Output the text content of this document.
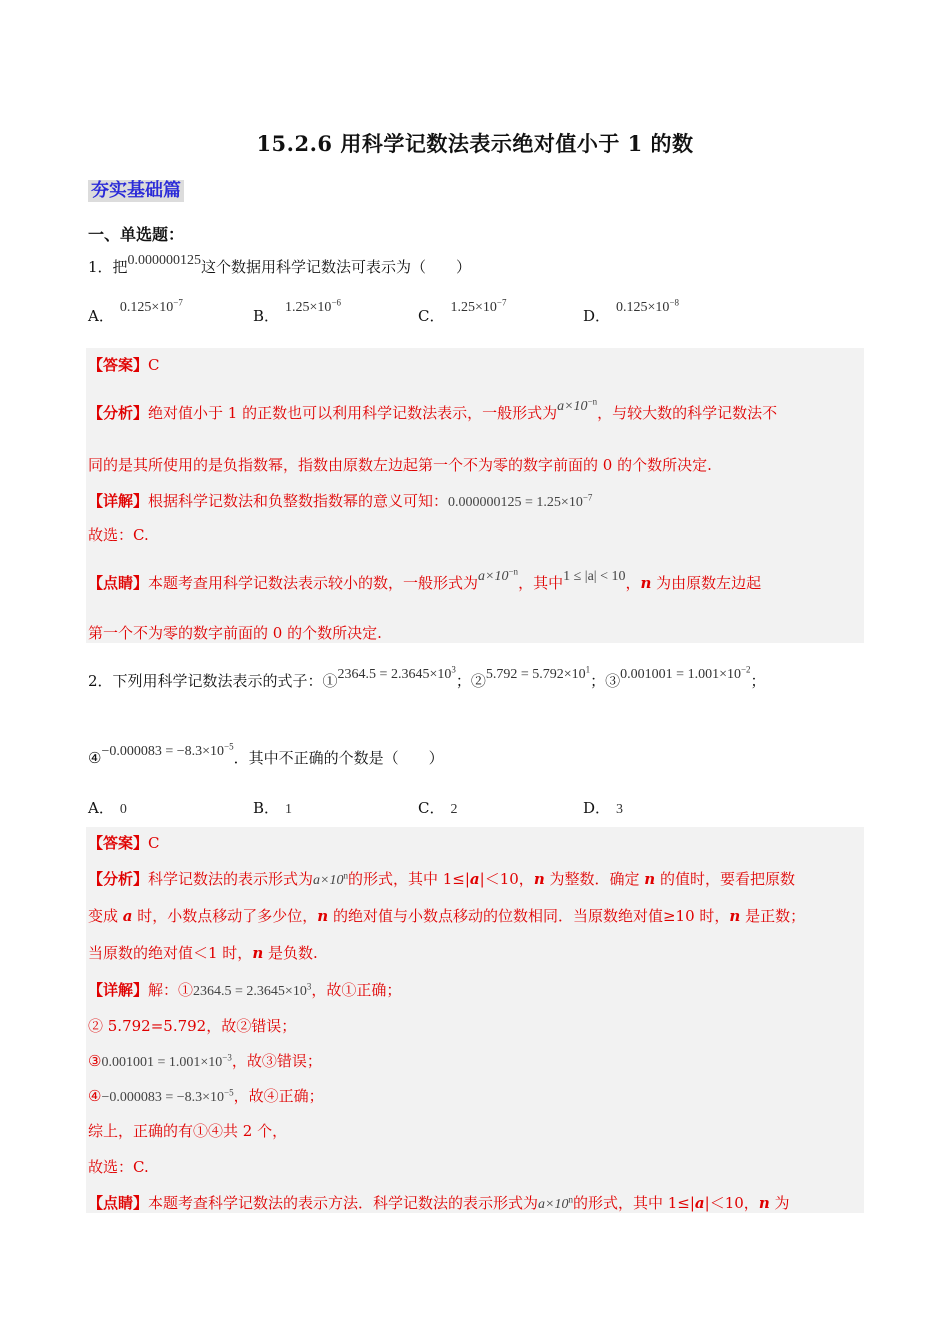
15.2.6 用科学记数法表示绝对值小于 1 的数
夯实基础篇
一、单选题：
1．把0.000000125这个数据用科学记数法可表示为（　　）
A． $0.125\times 10^{-7}$
B． $1.25\times 10^{-6}$
C． $1.25\times 10^{-7}$
D． $0.125\times 10^{-8}$
【答案】C
【分析】绝对值小于 1 的正数也可以利用科学记数法表示，一般形式为$a\times 10^{-n}$，与较大数的科学记数法不
同的是其所使用的是负指数幂，指数由原数左边起第一个不为零的数字前面的 0 的个数所决定.
【详解】根据科学记数法和负整数指数幂的意义可知：$0.000000125 = 1.25\times 10^{-7}$
故选：C.
【点睛】本题考查用科学记数法表示较小的数，一般形式为$a\times 10^{-n}$，其中1 ≤ |a| < 10，n 为由原数左边起
第一个不为零的数字前面的 0 的个数所决定.
2．下列用科学记数法表示的式子：①2364.5 = $2.3645\times 10^3$；②5.792 = $5.792\times 10^1$；③0.001001 = $1.001\times 10^{-2}$；
④−0.000083 = $-8.3\times 10^{-5}$．其中不正确的个数是（　　）
A． 0	B． 1	C． 2	D． 3
【答案】C
【分析】科学记数法的表示形式为$a\times 10^n$的形式，其中 1≤|a|＜10，n 为整数．确定 n 的值时，要看把原数
变成 a 时，小数点移动了多少位，n 的绝对值与小数点移动的位数相同．当原数绝对值≥10 时，n 是正数；
当原数的绝对值＜1 时，n 是负数.
【详解】解：①2364.5 = $2.3645\times 10^3$，故①正确；
② 5.792=5.792，故②错误；
③0.001001 = $1.001\times 10^{-3}$，故③错误；
④−0.000083 = $-8.3\times 10^{-5}$，故④正确；
综上，正确的有①④共 2 个，
故选：C.
【点睛】本题考查科学记数法的表示方法．科学记数法的表示形式为$a\times 10^n$的形式，其中 1≤|a|＜10，n 为
